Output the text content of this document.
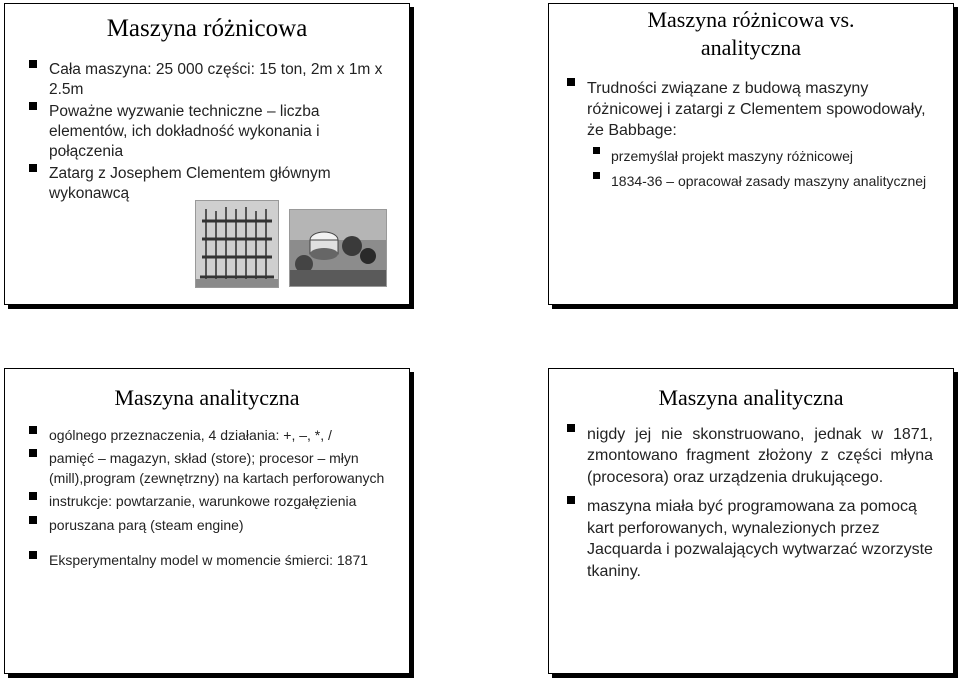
Maszyna różnicowa
Cała maszyna: 25 000 części: 15 ton, 2m x 1m x 2.5m
Poważne wyzwanie techniczne – liczba elementów, ich dokładność wykonania i połączenia
Zatarg z Josephem Clementem głównym wykonawcą
Maszyna różnicowa vs.
analityczna
Trudności związane z budową maszyny różnicowej i zatargi z Clementem spowodowały, że Babbage:
przemyślał projekt maszyny różnicowej
1834-36 – opracował zasady maszyny analitycznej
Maszyna analityczna
ogólnego przeznaczenia, 4 działania: +, –, *, /
pamięć – magazyn, skład (store); procesor – młyn (mill),program (zewnętrzny) na kartach perforowanych
instrukcje: powtarzanie, warunkowe rozgałęzienia
poruszana parą (steam engine)
Eksperymentalny model w momencie śmierci: 1871
Maszyna analityczna
nigdy jej nie skonstruowano, jednak w 1871, zmontowano fragment złożony z części młyna (procesora) oraz urządzenia drukującego.
maszyna miała być programowana za pomocą kart perforowanych, wynalezionych przez Jacquarda i pozwalających wytwarzać wzorzyste tkaniny.
